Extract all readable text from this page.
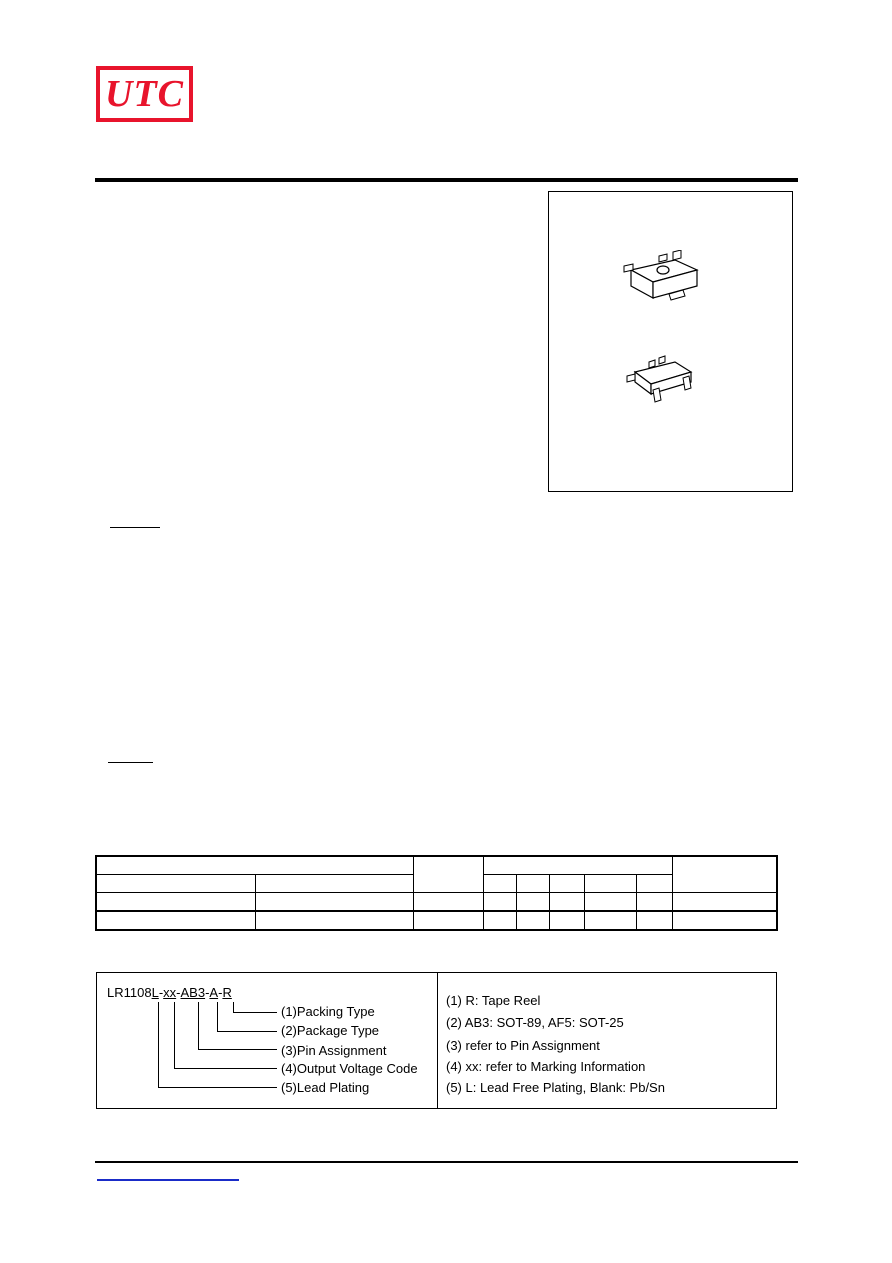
UTC

LR1108L-xx-AB3-A-R
(1)Packing Type
(2)Package Type
(3)Pin Assignment
(4)Output Voltage Code
(5)Lead Plating
(1) R: Tape Reel
(2) AB3: SOT-89, AF5: SOT-25
(3) refer to Pin Assignment
(4) xx: refer to Marking Information
(5) L: Lead Free Plating, Blank: Pb/Sn
